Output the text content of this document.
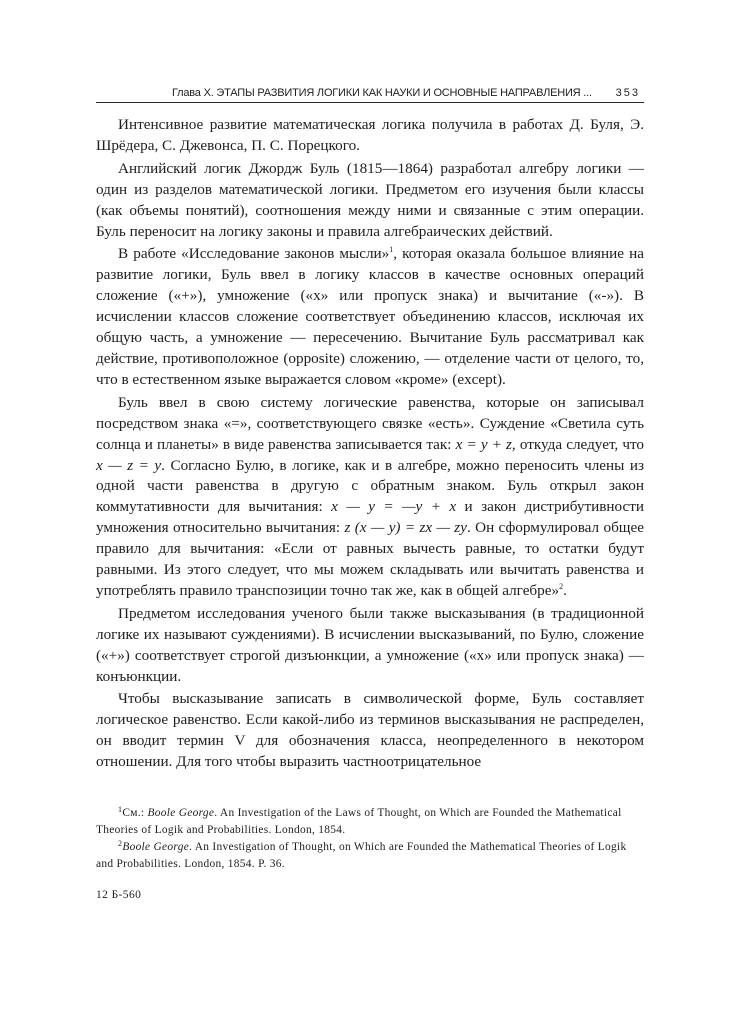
Глава X. ЭТАПЫ РАЗВИТИЯ ЛОГИКИ КАК НАУКИ И ОСНОВНЫЕ НАПРАВЛЕНИЯ ... 353

Интенсивное развитие математическая логика получила в работах Д. Буля, Э. Шрёдера, С. Джевонса, П. С. Порецкого.

Английский логик Джордж Буль (1815—1864) разработал алгебру логики — один из разделов математической логики. Предметом его изучения были классы (как объемы понятий), соотношения между ними и связанные с этим операции. Буль переносит на логику законы и правила алгебраических действий.

В работе «Исследование законов мысли»$^1$, которая оказала большое влияние на развитие логики, Буль ввел в логику классов в качестве основных операций сложение («+»), умножение («x» или пропуск знака) и вычитание («-»). В исчислении классов сложение соответствует объединению классов, исключая их общую часть, а умножение — пересечению. Вычитание Буль рассматривал как действие, противоположное (opposite) сложению, — отделение части от целого, то, что в естественном языке выражается словом «кроме» (except).

Буль ввел в свою систему логические равенства, которые он записывал посредством знака «=», соответствующего связке «есть». Суждение «Светила суть солнца и планеты» в виде равенства записывается так: x = y + z, откуда следует, что x — z = y. Согласно Булю, в логике, как и в алгебре, можно переносить члены из одной части равенства в другую с обратным знаком. Буль открыл закон коммутативности для вычитания: x — y = —y + x и закон дистрибутивности умножения относительно вычитания: z (x — y) = zx — zy. Он сформулировал общее правило для вычитания: «Если от равных вычесть равные, то остатки будут равными. Из этого следует, что мы можем складывать или вычитать равенства и употреблять правило транспозиции точно так же, как в общей алгебре»$^2$.

Предметом исследования ученого были также высказывания (в традиционной логике их называют суждениями). В исчислении высказываний, по Булю, сложение («+») соответствует строгой дизъюнкции, а умножение («x» или пропуск знака) — конъюнкции.

Чтобы высказывание записать в символической форме, Буль составляет логическое равенство. Если какой-либо из терминов высказывания не распределен, он вводит термин V для обозначения класса, неопределенного в некотором отношении. Для того чтобы выразить частноотрицательное

$^1$См.: Boole George. An Investigation of the Laws of Thought, on Which are Founded the Mathematical Theories of Logik and Probabilities. London, 1854.

$^2$Boole George. An Investigation of Thought, on Which are Founded the Mathematical Theories of Logik and Probabilities. London, 1854. P. 36.

12 Б-560
